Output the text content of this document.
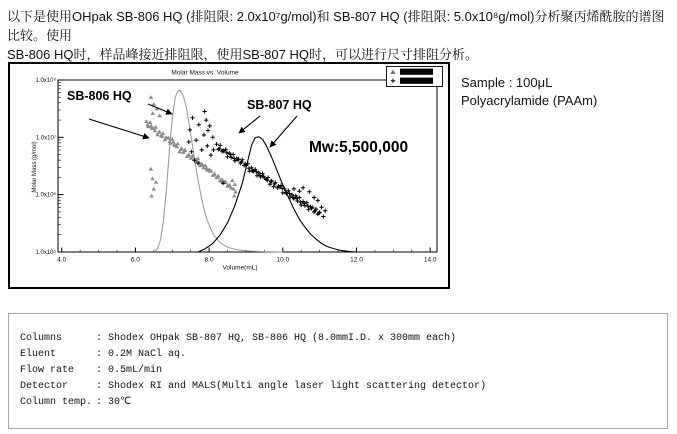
以下是使用OHpak SB-806 HQ (排阻限: 2.0x10⁷g/mol)和 SB-807 HQ (排阻限: 5.0x10⁸g/mol)分析聚丙烯酰胺的谱图比较。使用
SB-806 HQ时，样品峰接近排阻限，使用SB-807 HQ时，可以进行尺寸排阻分析。
4.0	6.0	8.0	10.0	12.0	14.0
1.0x10⁸
1.0x10⁷
1.0x10⁶
1.0x10⁵
Molar Mass vs. Volume
Volume(mL)
Molar Mass (g/mol)
SB-806 HQ
SB-807 HQ
Mw:5,500,000
Sample : 100μL
Polyacrylamide (PAAm)
Columns	: Shodex OHpak SB-807 HQ, SB-806 HQ (8.0mmI.D. x 300mm each)
Eluent	: 0.2M NaCl aq.
Flow rate : 0.5mL/min
Detector	: Shodex RI and MALS(Multi angle laser light scattering detector)
Column temp. : 30℃
